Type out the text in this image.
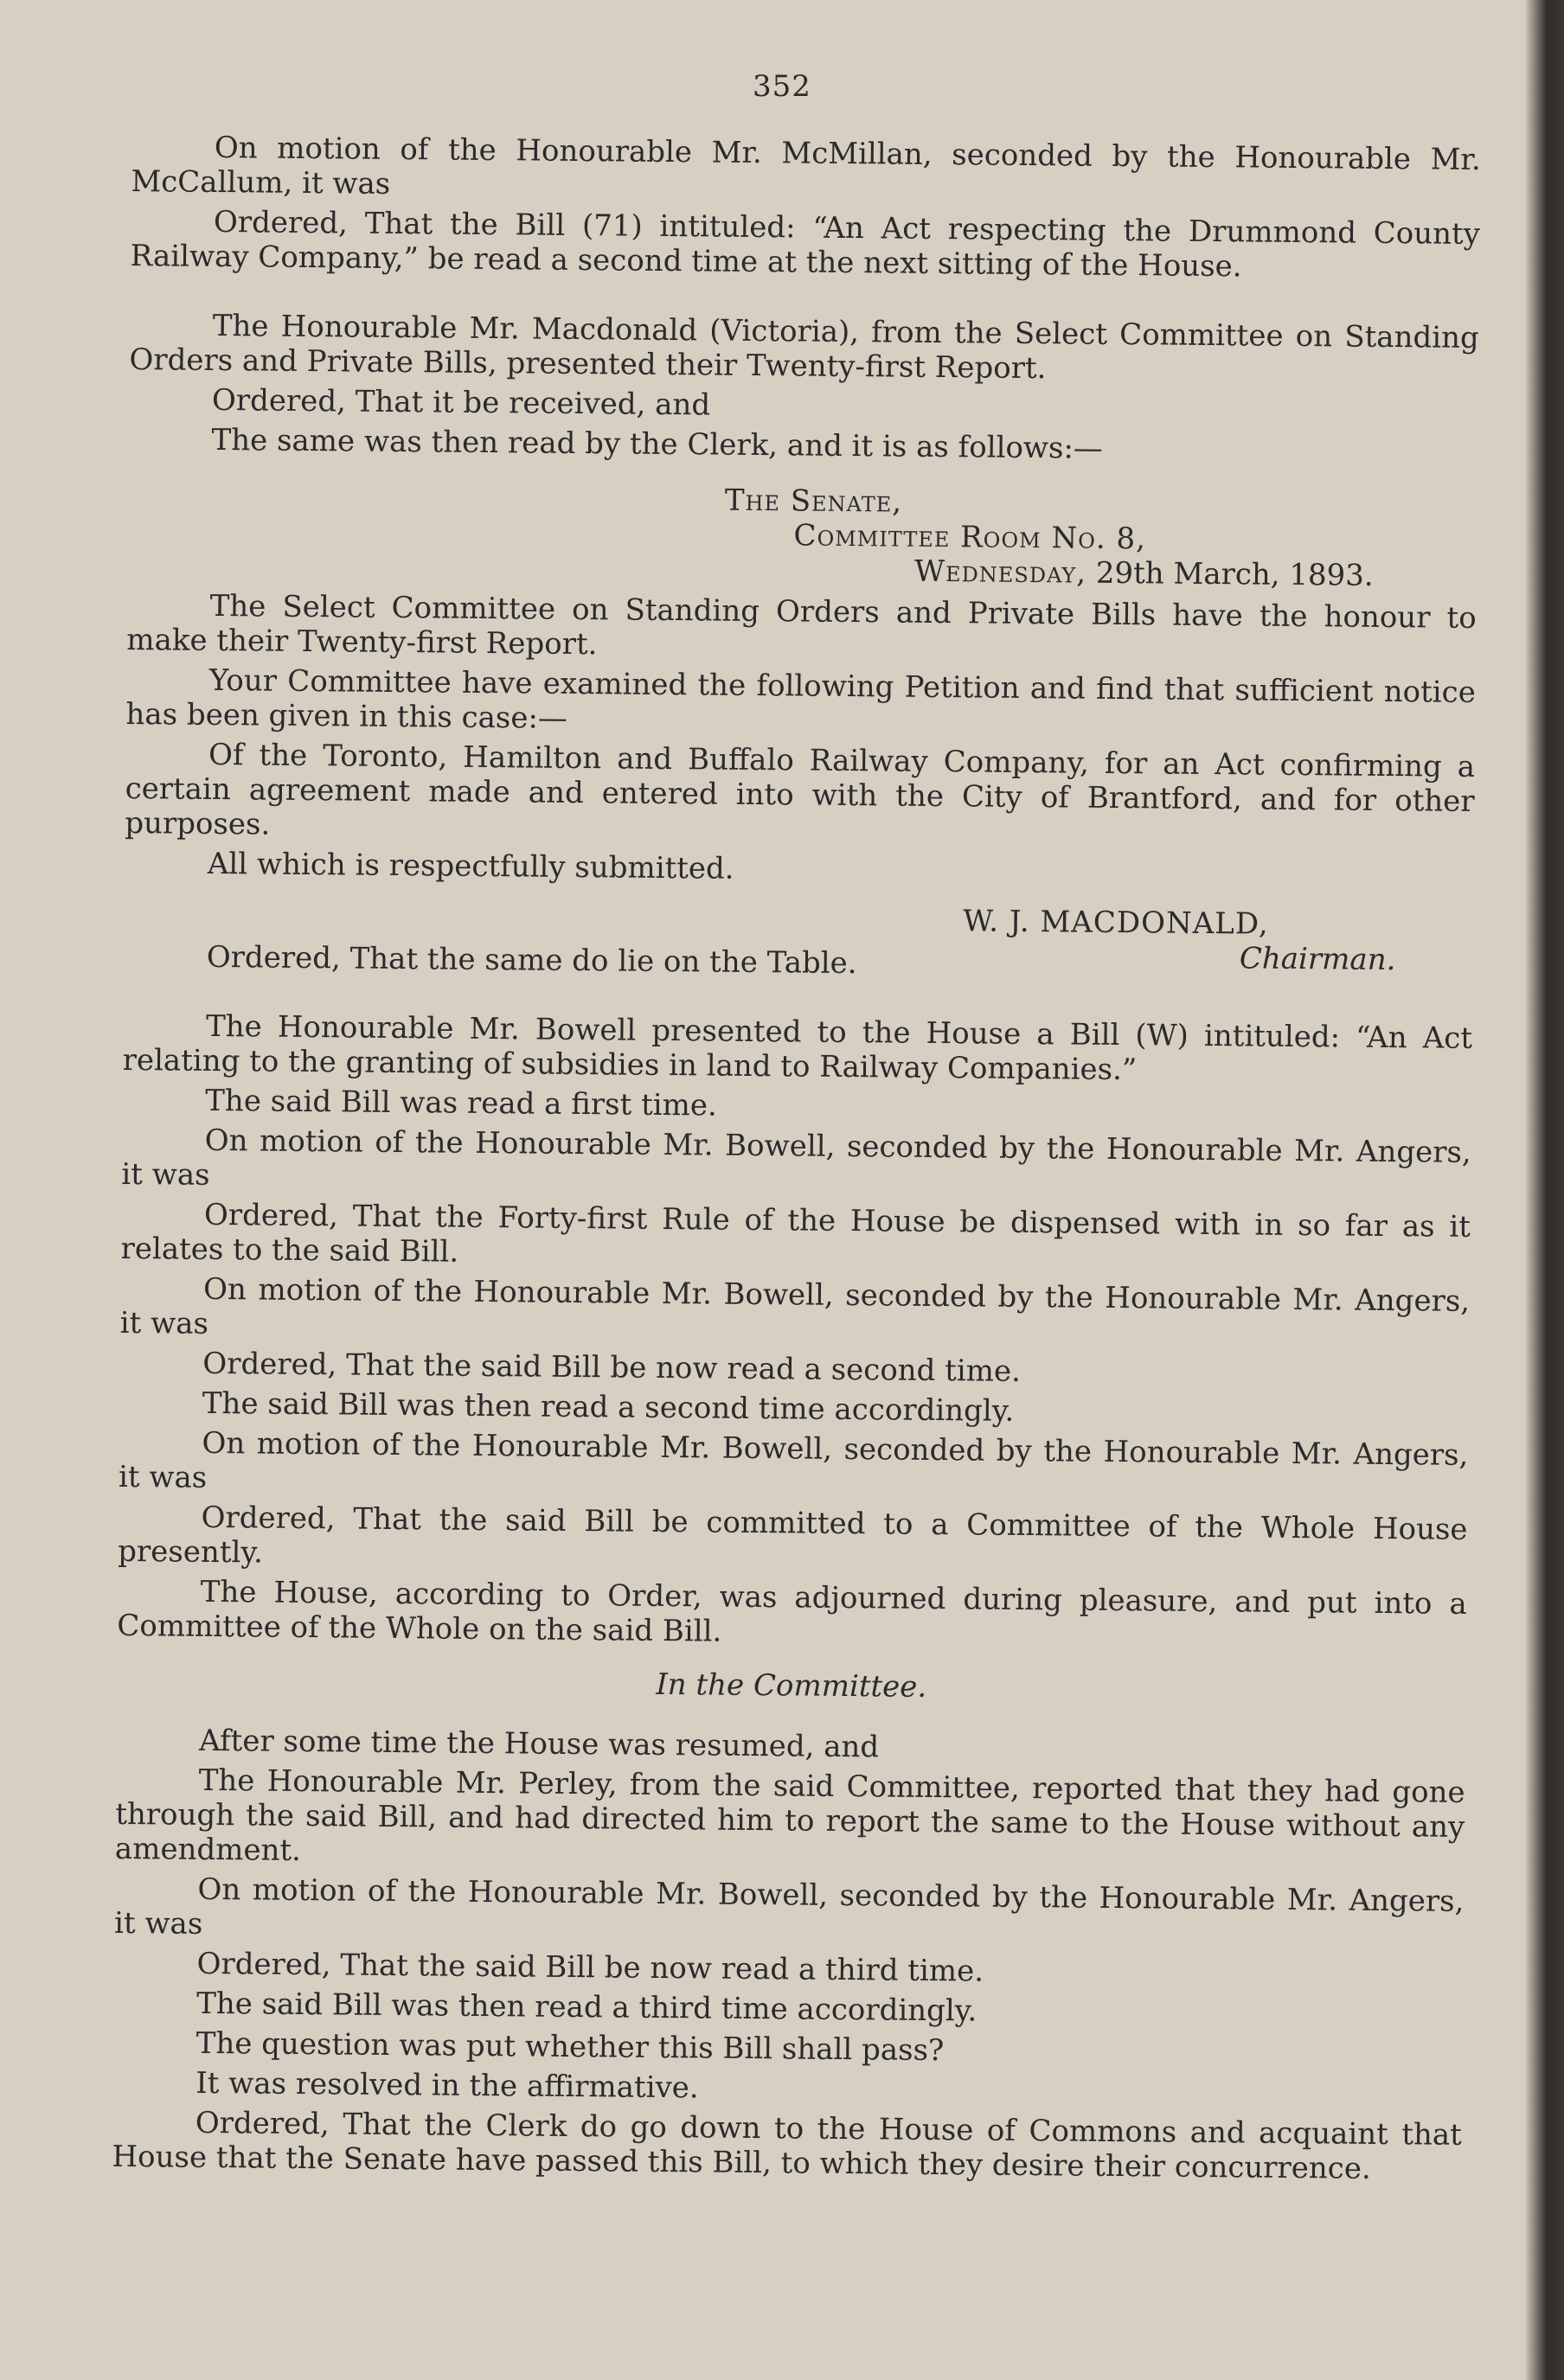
352

On motion of the Honourable Mr. McMillan, seconded by the Honourable Mr. McCallum, it was

Ordered, That the Bill (71) intituled: “An Act respecting the Drummond County Railway Company,” be read a second time at the next sitting of the House.

The Honourable Mr. Macdonald (Victoria), from the Select Committee on Standing Orders and Private Bills, presented their Twenty-first Report.

Ordered, That it be received, and

The same was then read by the Clerk, and it is as follows:—

The Senate,
Committee Room No. 8,
Wednesday, 29th March, 1893.

The Select Committee on Standing Orders and Private Bills have the honour to make their Twenty-first Report.

Your Committee have examined the following Petition and find that sufficient notice has been given in this case:—

Of the Toronto, Hamilton and Buffalo Railway Company, for an Act confirming a certain agreement made and entered into with the City of Brantford, and for other purposes.

All which is respectfully submitted.

W. J. MACDONALD,
Chairman.

Ordered, That the same do lie on the Table.

The Honourable Mr. Bowell presented to the House a Bill (W) intituled: “An Act relating to the granting of subsidies in land to Railway Companies.”

The said Bill was read a first time.

On motion of the Honourable Mr. Bowell, seconded by the Honourable Mr. Angers, it was

Ordered, That the Forty-first Rule of the House be dispensed with in so far as it relates to the said Bill.

On motion of the Honourable Mr. Bowell, seconded by the Honourable Mr. Angers, it was

Ordered, That the said Bill be now read a second time.

The said Bill was then read a second time accordingly.

On motion of the Honourable Mr. Bowell, seconded by the Honourable Mr. Angers, it was

Ordered, That the said Bill be committed to a Committee of the Whole House presently.

The House, according to Order, was adjourned during pleasure, and put into a Committee of the Whole on the said Bill.

In the Committee.

After some time the House was resumed, and

The Honourable Mr. Perley, from the said Committee, reported that they had gone through the said Bill, and had directed him to report the same to the House without any amendment.

On motion of the Honourable Mr. Bowell, seconded by the Honourable Mr. Angers, it was

Ordered, That the said Bill be now read a third time.

The said Bill was then read a third time accordingly.

The question was put whether this Bill shall pass?

It was resolved in the affirmative.

Ordered, That the Clerk do go down to the House of Commons and acquaint that House that the Senate have passed this Bill, to which they desire their concurrence.
